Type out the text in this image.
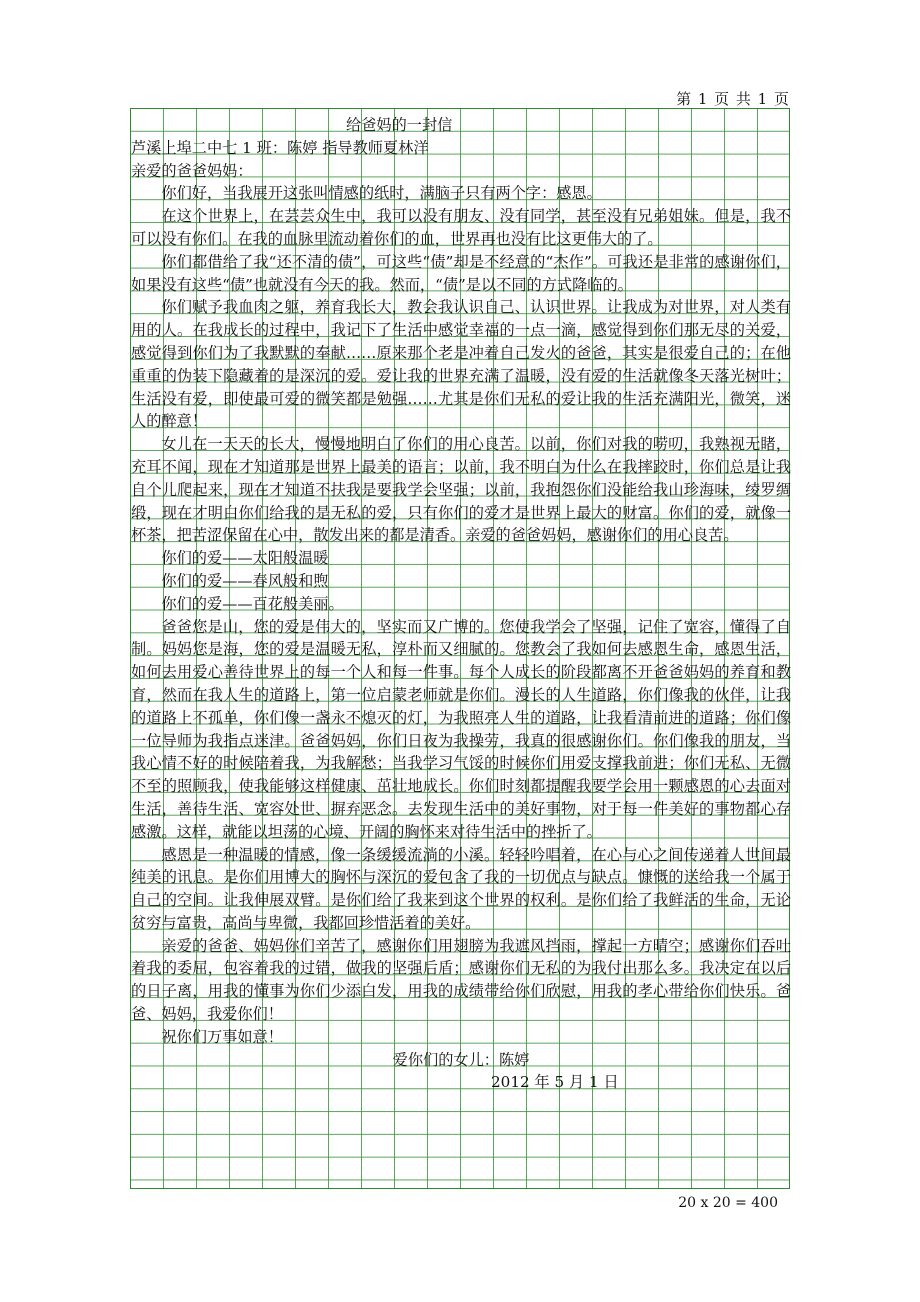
第 1 页 共 1 页
给爸妈的一封信
芦溪上埠二中七 1 班：陈婷 指导教师夏林洋
亲爱的爸爸妈妈：
你们好，当我展开这张叫情感的纸时，满脑子只有两个字：感恩。
在这个世界上，在芸芸众生中，我可以没有朋友、没有同学，甚至没有兄弟姐妹。但是，我不可以没有你们。在我的血脉里流动着你们的血，世界再也没有比这更伟大的了。
你们都借给了我“还不清的债”，可这些“债”却是不经意的“杰作”。可我还是非常的感谢你们，如果没有这些“债”也就没有今天的我。然而，“债”是以不同的方式降临的。
你们赋予我血肉之躯，养育我长大，教会我认识自己、认识世界。让我成为对世界，对人类有用的人。在我成长的过程中，我记下了生活中感觉幸福的一点一滴，感觉得到你们那无尽的关爱，感觉得到你们为了我默默的奉献……原来那个老是冲着自己发火的爸爸，其实是很爱自己的；在他重重的伪装下隐藏着的是深沉的爱。爱让我的世界充满了温暖，没有爱的生活就像冬天落光树叶；生活没有爱，即使最可爱的微笑都是勉强……尤其是你们无私的爱让我的生活充满阳光，微笑，迷人的醉意！
女儿在一天天的长大，慢慢地明白了你们的用心良苦。以前，你们对我的唠叨，我熟视无睹，充耳不闻，现在才知道那是世界上最美的语言；以前，我不明白为什么在我摔跤时，你们总是让我自个儿爬起来，现在才知道不扶我是要我学会坚强；以前，我抱怨你们没能给我山珍海味，绫罗绸缎，现在才明白你们给我的是无私的爱，只有你们的爱才是世界上最大的财富。你们的爱，就像一杯茶，把苦涩保留在心中，散发出来的都是清香。亲爱的爸爸妈妈，感谢你们的用心良苦。
你们的爱——太阳般温暖
你们的爱——春风般和煦
你们的爱——百花般美丽。
爸爸您是山，您的爱是伟大的，坚实而又广博的。您使我学会了坚强，记住了宽容，懂得了自制。妈妈您是海，您的爱是温暖无私，淳朴而又细腻的。您教会了我如何去感恩生命，感恩生活，如何去用爱心善待世界上的每一个人和每一件事。每个人成长的阶段都离不开爸爸妈妈的养育和教育，然而在我人生的道路上，第一位启蒙老师就是你们。漫长的人生道路，你们像我的伙伴，让我的道路上不孤单，你们像一盏永不熄灭的灯，为我照亮人生的道路，让我看清前进的道路；你们像一位导师为我指点迷津。爸爸妈妈，你们日夜为我操劳，我真的很感谢你们。你们像我的朋友，当我心情不好的时候陪着我，为我解愁；当我学习气馁的时候你们用爱支撑我前进；你们无私、无微不至的照顾我，使我能够这样健康、茁壮地成长。你们时刻都提醒我要学会用一颗感恩的心去面对生活，善待生活、宽容处世、摒弃恶念。去发现生活中的美好事物，对于每一件美好的事物都心存感激。这样，就能以坦荡的心境、开阔的胸怀来对待生活中的挫折了。
感恩是一种温暖的情感，像一条缓缓流淌的小溪。轻轻吟唱着，在心与心之间传递着人世间最纯美的讯息。是你们用博大的胸怀与深沉的爱包含了我的一切优点与缺点。慷慨的送给我一个属于自己的空间。让我伸展双臂。是你们给了我来到这个世界的权利。是你们给了我鲜活的生命，无论贫穷与富贵，高尚与卑微，我都回珍惜活着的美好。
亲爱的爸爸、妈妈你们辛苦了，感谢你们用翅膀为我遮风挡雨，撑起一方晴空；感谢你们吞吐着我的委屈，包容着我的过错，做我的坚强后盾；感谢你们无私的为我付出那么多。我决定在以后的日子离，用我的懂事为你们少添白发，用我的成绩带给你们欣慰，用我的孝心带给你们快乐。爸爸、妈妈，我爱你们！
祝你们万事如意！
爱你们的女儿：陈婷
2012 年 5 月 1 日
20 x 20 = 400
